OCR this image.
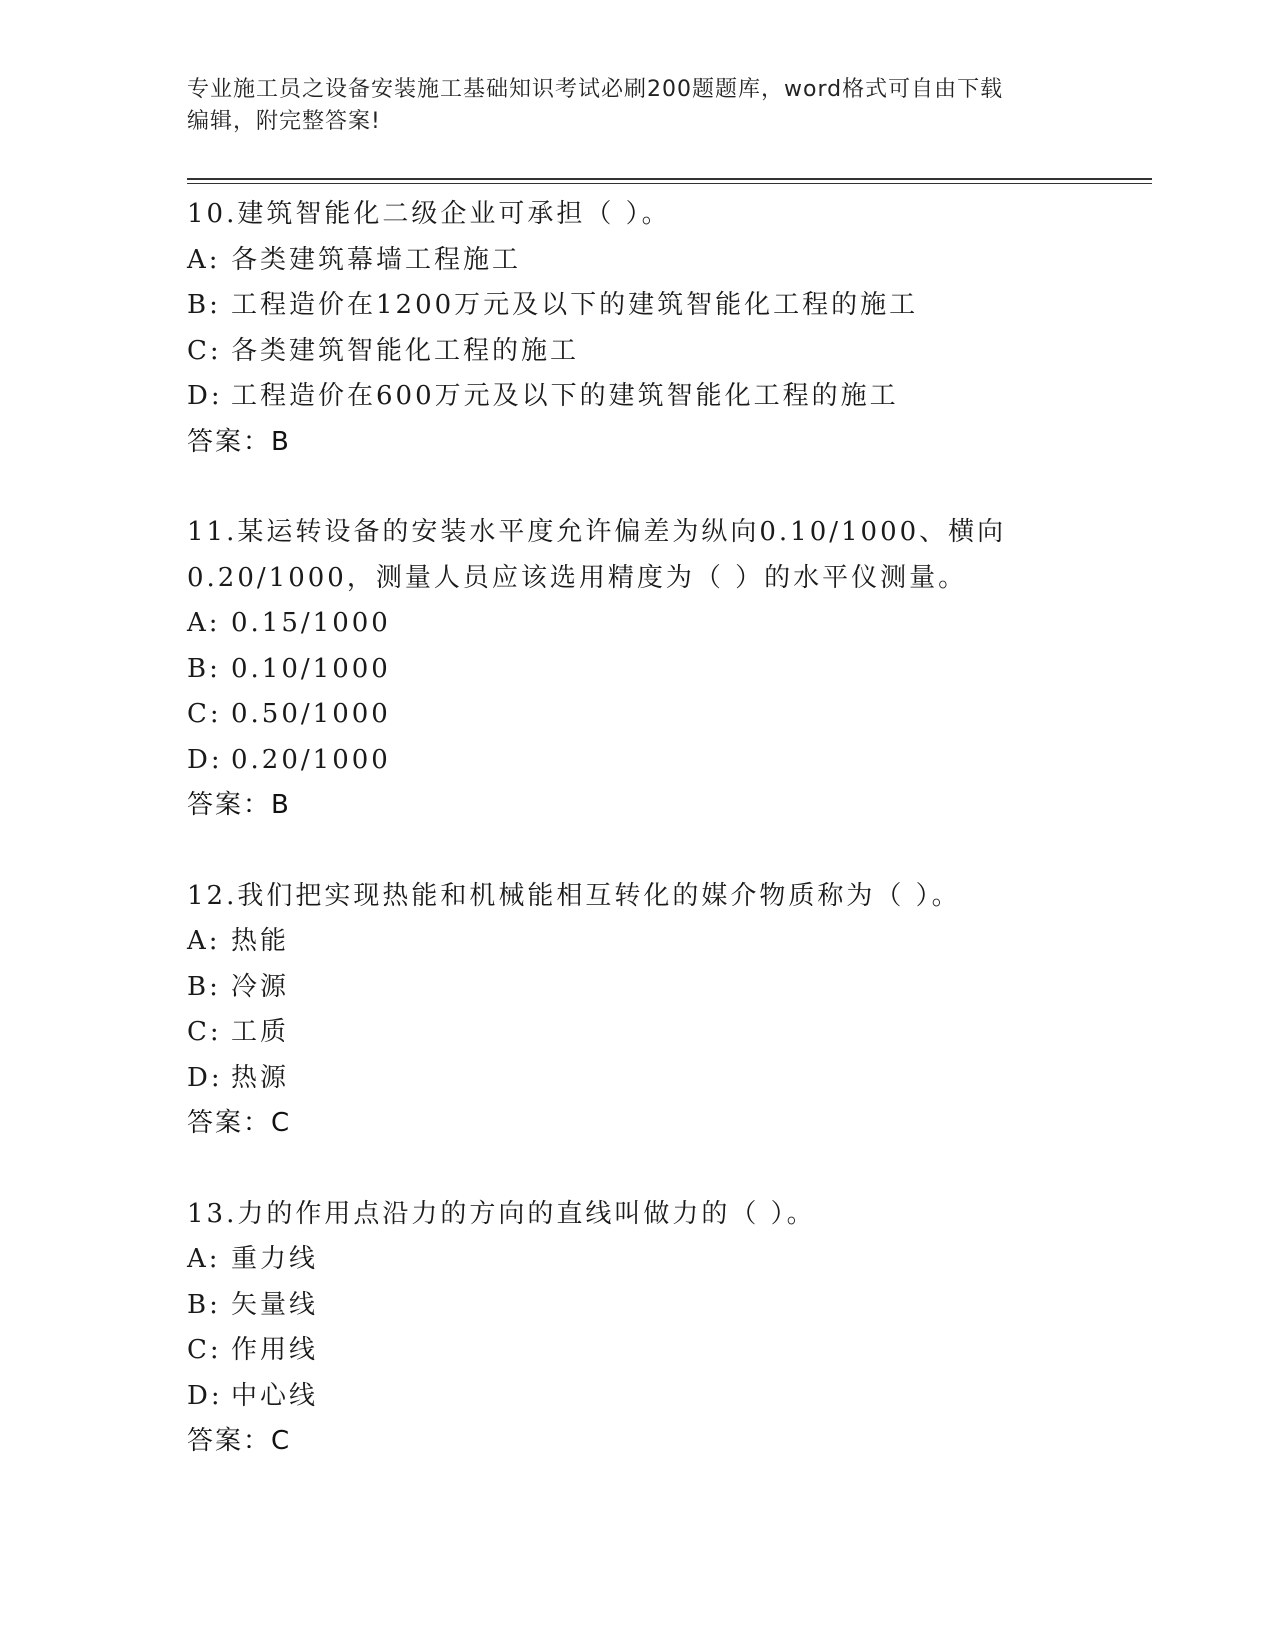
专业施工员之设备安装施工基础知识考试必刷200题题库，word格式可自由下载
编辑，附完整答案!
10.建筑智能化二级企业可承担（ ）。
A: 各类建筑幕墙工程施工
B: 工程造价在1200万元及以下的建筑智能化工程的施工
C: 各类建筑智能化工程的施工
D: 工程造价在600万元及以下的建筑智能化工程的施工
答案：B
11.某运转设备的安装水平度允许偏差为纵向0.10/1000、横向
0.20/1000，测量人员应该选用精度为（ ）的水平仪测量。
A: 0.15/1000
B: 0.10/1000
C: 0.50/1000
D: 0.20/1000
答案：B
12.我们把实现热能和机械能相互转化的媒介物质称为（ ）。
A: 热能
B: 冷源
C: 工质
D: 热源
答案：C
13.力的作用点沿力的方向的直线叫做力的（ ）。
A: 重力线
B: 矢量线
C: 作用线
D: 中心线
答案：C
